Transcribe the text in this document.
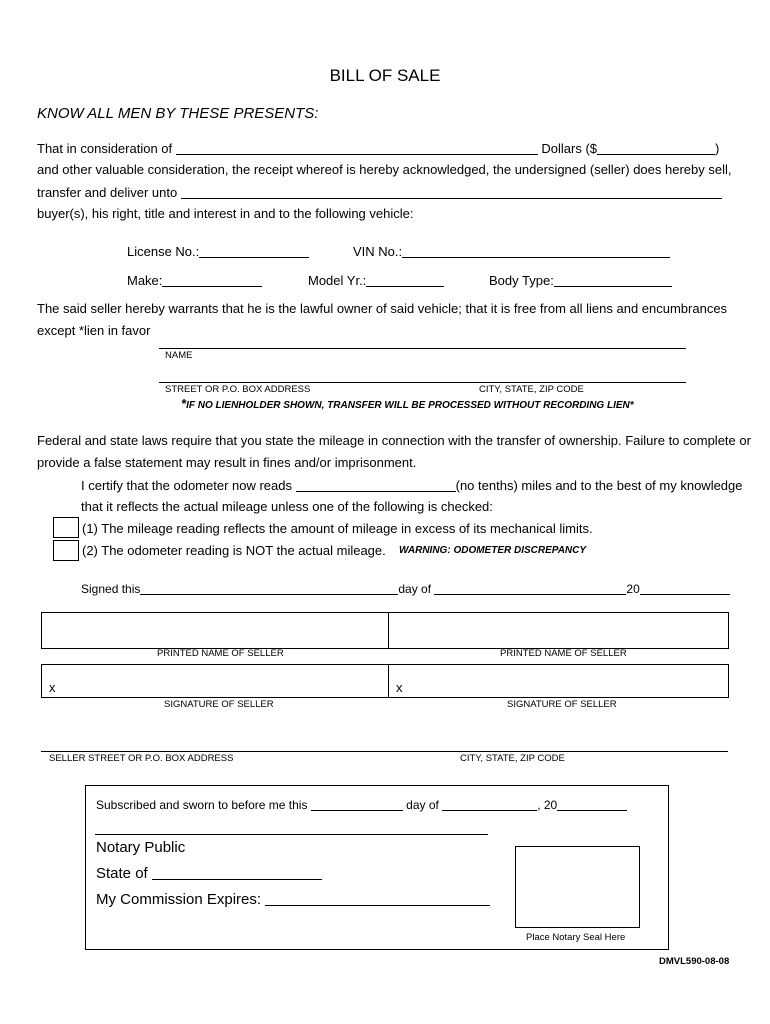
BILL OF SALE
KNOW ALL MEN BY THESE PRESENTS:
That in consideration of	Dollars ($	)
and other valuable consideration, the receipt whereof is hereby acknowledged, the undersigned (seller) does hereby sell,
transfer and deliver unto
buyer(s), his right, title and interest in and to the following vehicle:
License No.:	VIN No.:
Make:	Model Yr.:	Body Type:
The said seller hereby warrants that he is the lawful owner of said vehicle; that it is free from all liens and encumbrances
except *lien in favor
NAME
STREET OR P.O. BOX ADDRESS	CITY, STATE, ZIP CODE
*IF NO LIENHOLDER SHOWN, TRANSFER WILL BE PROCESSED WITHOUT RECORDING LIEN*
Federal and state laws require that you state the mileage in connection with the transfer of ownership. Failure to complete or
provide a false statement may result in fines and/or imprisonment.
I certify that the odometer now reads	(no tenths) miles and to the best of my knowledge
that it reflects the actual mileage unless one of the following is checked:
(1) The mileage reading reflects the amount of mileage in excess of its mechanical limits.
(2) The odometer reading is NOT the actual mileage. WARNING: ODOMETER DISCREPANCY
Signed this	day of	20
PRINTED NAME OF SELLER	PRINTED NAME OF SELLER
x	x
SIGNATURE OF SELLER	SIGNATURE OF SELLER
SELLER STREET OR P.O. BOX ADDRESS	CITY, STATE, ZIP CODE
Subscribed and sworn to before me this	day of	, 20
Notary Public
State of
My Commission Expires:
Place Notary Seal Here
DMVL590-08-08
